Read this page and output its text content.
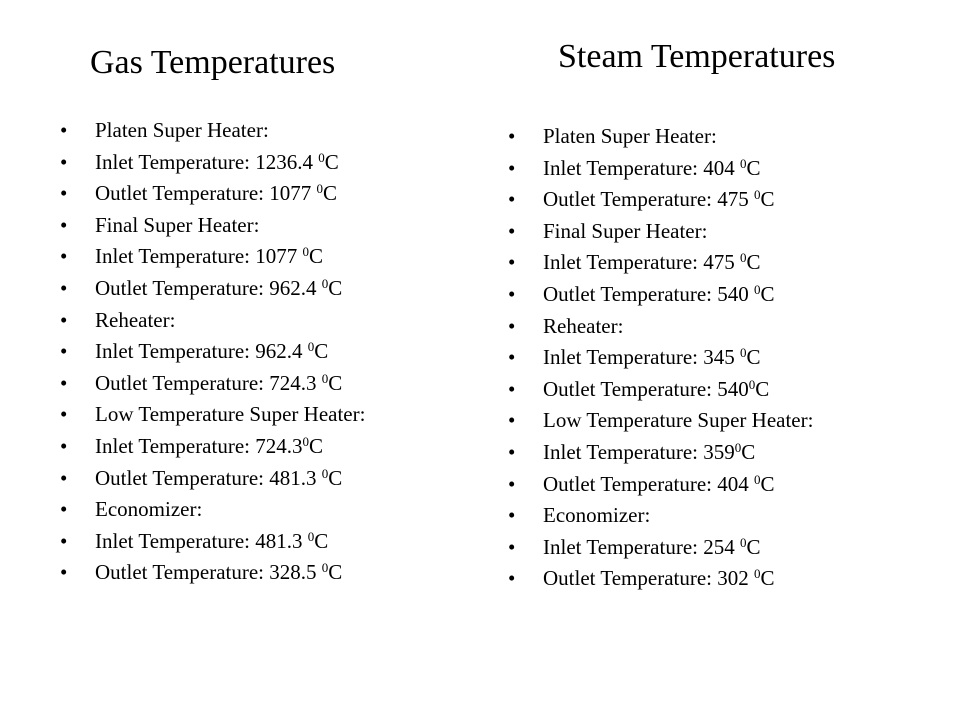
Gas Temperatures	Steam Temperatures
• Platen Super Heater:
• Inlet Temperature: 1236.4 $^0$C
• Outlet Temperature: 1077 $^0$C
• Final Super Heater:
• Inlet Temperature: 1077 $^0$C
• Outlet Temperature: 962.4 $^0$C
• Reheater:
• Inlet Temperature: 962.4 $^0$C
• Outlet Temperature: 724.3 $^0$C
• Low Temperature Super Heater:
• Inlet Temperature: 724.3$^0$C
• Outlet Temperature: 481.3 $^0$C
• Economizer:
• Inlet Temperature: 481.3 $^0$C
• Outlet Temperature: 328.5 $^0$C
• Platen Super Heater:
• Inlet Temperature: 404 $^0$C
• Outlet Temperature: 475 $^0$C
• Final Super Heater:
• Inlet Temperature: 475 $^0$C
• Outlet Temperature: 540 $^0$C
• Reheater:
• Inlet Temperature: 345 $^0$C
• Outlet Temperature: $540^0C$
• Low Temperature Super Heater:
• Inlet Temperature: $359^0C$
• Outlet Temperature: 404 $^0$C
• Economizer:
• Inlet Temperature: 254 $^0$C
• Outlet Temperature: 302 $^0$C
